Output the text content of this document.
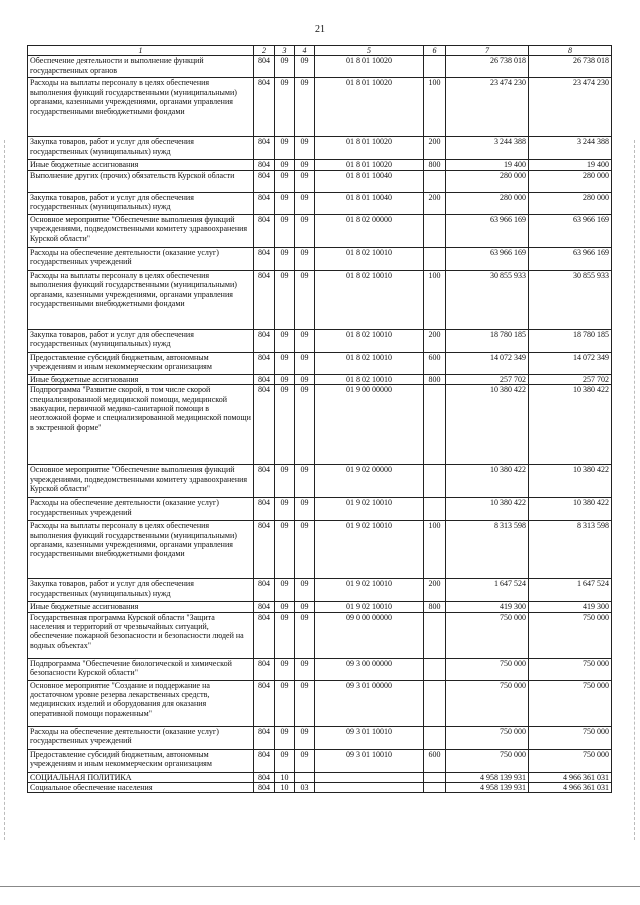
21
1	2	3	4	5	6	7	8
Обеспечение деятельности и выполнение функций государственных органов	804	09	09	01 8 01 10020		26 738 018	26 738 018
Расходы на выплаты персоналу в целях обеспечения выполнения функций государственными (муниципальными) органами, казенными учреждениями, органами управления государственными внебюджетными фондами	804	09	09	01 8 01 10020	100	23 474 230	23 474 230
Закупка товаров, работ и услуг для обеспечения государственных (муниципальных) нужд	804	09	09	01 8 01 10020	200	3 244 388	3 244 388
Иные бюджетные ассигнования	804	09	09	01 8 01 10020	800	19 400	19 400
Выполнение других (прочих) обязательств Курской области	804	09	09	01 8 01 10040		280 000	280 000
Закупка товаров, работ и услуг для обеспечения государственных (муниципальных) нужд	804	09	09	01 8 01 10040	200	280 000	280 000
Основное мероприятие "Обеспечение выполнения функций учреждениями, подведомственными комитету здравоохранения Курской области"	804	09	09	01 8 02 00000		63 966 169	63 966 169
Расходы на обеспечение деятельности (оказание услуг) государственных учреждений	804	09	09	01 8 02 10010		63 966 169	63 966 169
Расходы на выплаты персоналу в целях обеспечения выполнения функций государственными (муниципальными) органами, казенными учреждениями, органами управления государственными внебюджетными фондами	804	09	09	01 8 02 10010	100	30 855 933	30 855 933
Закупка товаров, работ и услуг для обеспечения государственных (муниципальных) нужд	804	09	09	01 8 02 10010	200	18 780 185	18 780 185
Предоставление субсидий бюджетным, автономным учреждениям и иным некоммерческим организациям	804	09	09	01 8 02 10010	600	14 072 349	14 072 349
Иные бюджетные ассигнования	804	09	09	01 8 02 10010	800	257 702	257 702
Подпрограмма "Развитие скорой, в том числе скорой специализированной медицинской помощи, медицинской эвакуации, первичной медико-санитарной помощи в неотложной форме и специализированной медицинской помощи в экстренной форме"	804	09	09	01 9 00 00000		10 380 422	10 380 422
Основное мероприятие "Обеспечение выполнения функций учреждениями, подведомственными комитету здравоохранения Курской области"	804	09	09	01 9 02 00000		10 380 422	10 380 422
Расходы на обеспечение деятельности (оказание услуг) государственных учреждений	804	09	09	01 9 02 10010		10 380 422	10 380 422
Расходы на выплаты персоналу в целях обеспечения выполнения функций государственными (муниципальными) органами, казенными учреждениями, органами управления государственными внебюджетными фондами	804	09	09	01 9 02 10010	100	8 313 598	8 313 598
Закупка товаров, работ и услуг для обеспечения государственных (муниципальных) нужд	804	09	09	01 9 02 10010	200	1 647 524	1 647 524
Иные бюджетные ассигнования	804	09	09	01 9 02 10010	800	419 300	419 300
Государственная программа Курской области "Защита населения и территорий от чрезвычайных ситуаций, обеспечение пожарной безопасности и безопасности людей на водных объектах"	804	09	09	09 0 00 00000		750 000	750 000
Подпрограмма "Обеспечение биологической и химической безопасности Курской области"	804	09	09	09 3 00 00000		750 000	750 000
Основное мероприятие "Создание и поддержание на достаточном уровне резерва лекарственных средств, медицинских изделий и оборудования для оказания оперативной помощи пораженным"	804	09	09	09 3 01 00000		750 000	750 000
Расходы на обеспечение деятельности (оказание услуг) государственных учреждений	804	09	09	09 3 01 10010		750 000	750 000
Предоставление субсидий бюджетным, автономным учреждениям и иным некоммерческим организациям	804	09	09	09 3 01 10010	600	750 000	750 000
СОЦИАЛЬНАЯ ПОЛИТИКА	804	10				4 958 139 931	4 966 361 031
Социальное обеспечение населения	804	10	03			4 958 139 931	4 966 361 031
